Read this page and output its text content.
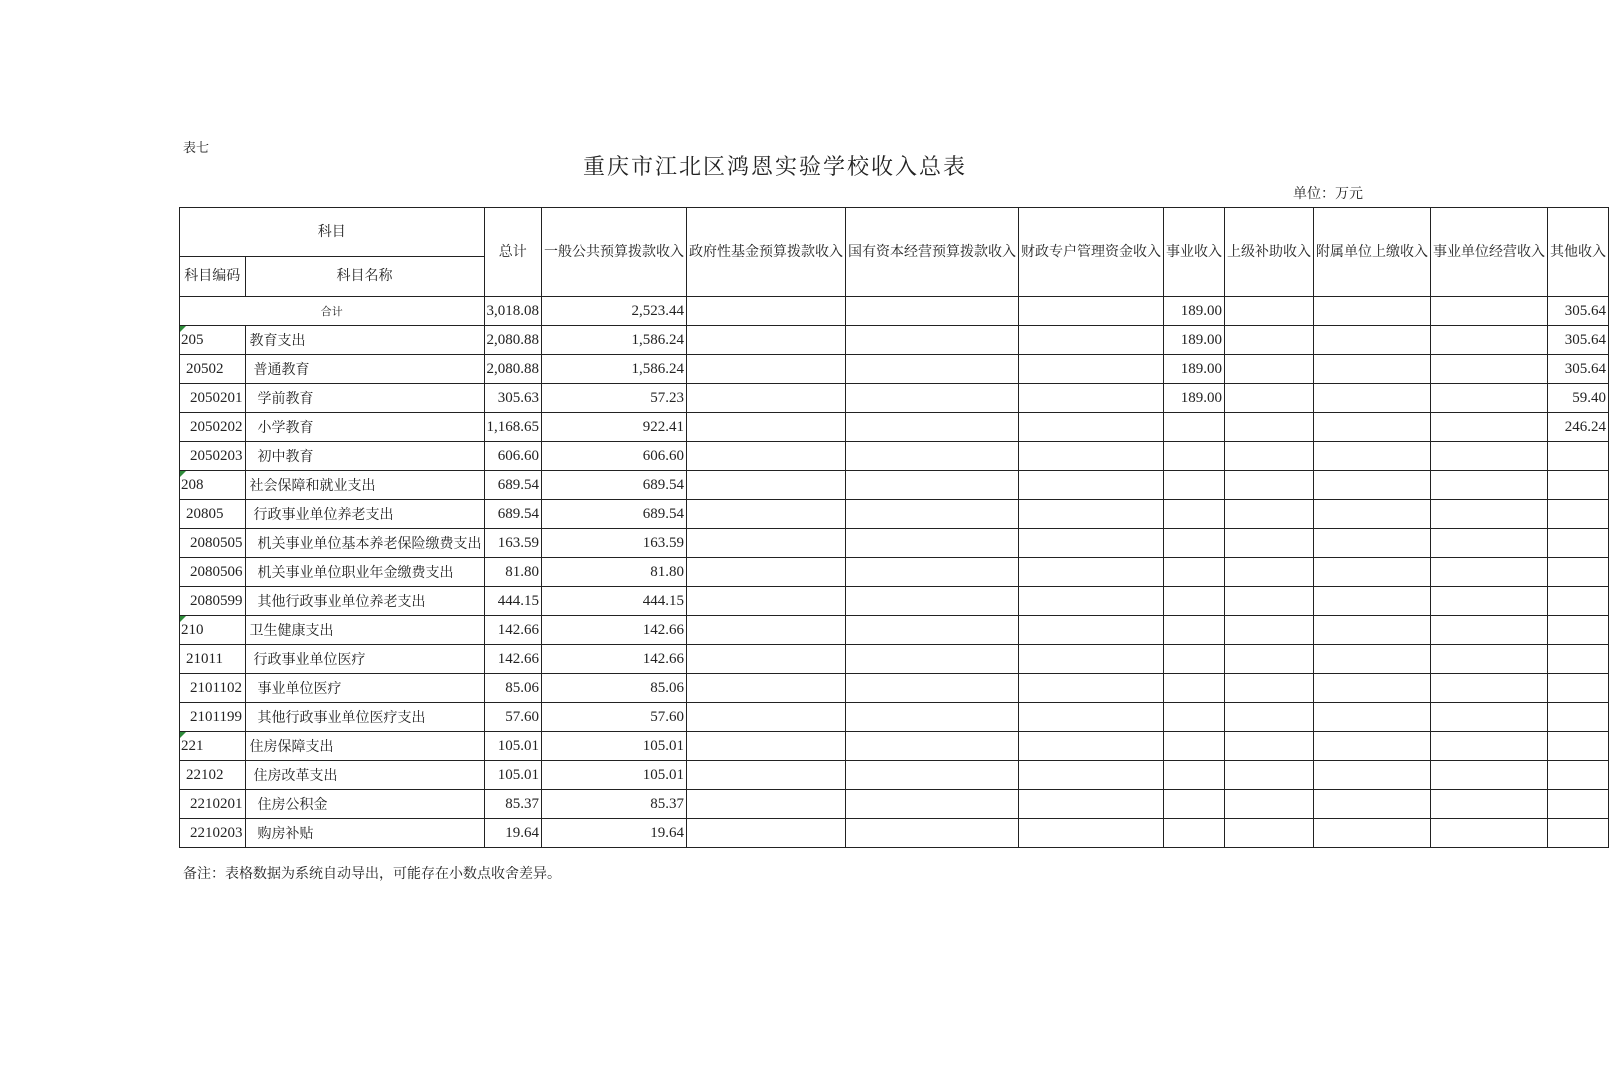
表七
重庆市江北区鸿恩实验学校收入总表
单位：万元
科目		总计	一般公共预算拨款收入	政府性基金预算拨款收入	国有资本经营预算拨款收入	财政专户管理资金收入	事业收入	上级补助收入	附属单位上缴收入	事业单位经营收入	其他收入
科目编码	科目名称										
合计		3,018.08	2,523.44				189.00				305.64
205	教育支出	2,080.88	1,586.24				189.00				305.64
20502	普通教育	2,080.88	1,586.24				189.00				305.64
2050201	学前教育	305.63	57.23				189.00				59.40
2050202	小学教育	1,168.65	922.41								246.24
2050203	初中教育	606.60	606.60								
208	社会保障和就业支出	689.54	689.54								
20805	行政事业单位养老支出	689.54	689.54								
2080505	机关事业单位基本养老保险缴费支出	163.59	163.59								
2080506	机关事业单位职业年金缴费支出	81.80	81.80								
2080599	其他行政事业单位养老支出	444.15	444.15								
210	卫生健康支出	142.66	142.66								
21011	行政事业单位医疗	142.66	142.66								
2101102	事业单位医疗	85.06	85.06								
2101199	其他行政事业单位医疗支出	57.60	57.60								
221	住房保障支出	105.01	105.01								
22102	住房改革支出	105.01	105.01								
2210201	住房公积金	85.37	85.37								
2210203	购房补贴	19.64	19.64								
备注：表格数据为系统自动导出，可能存在小数点收舍差异。
